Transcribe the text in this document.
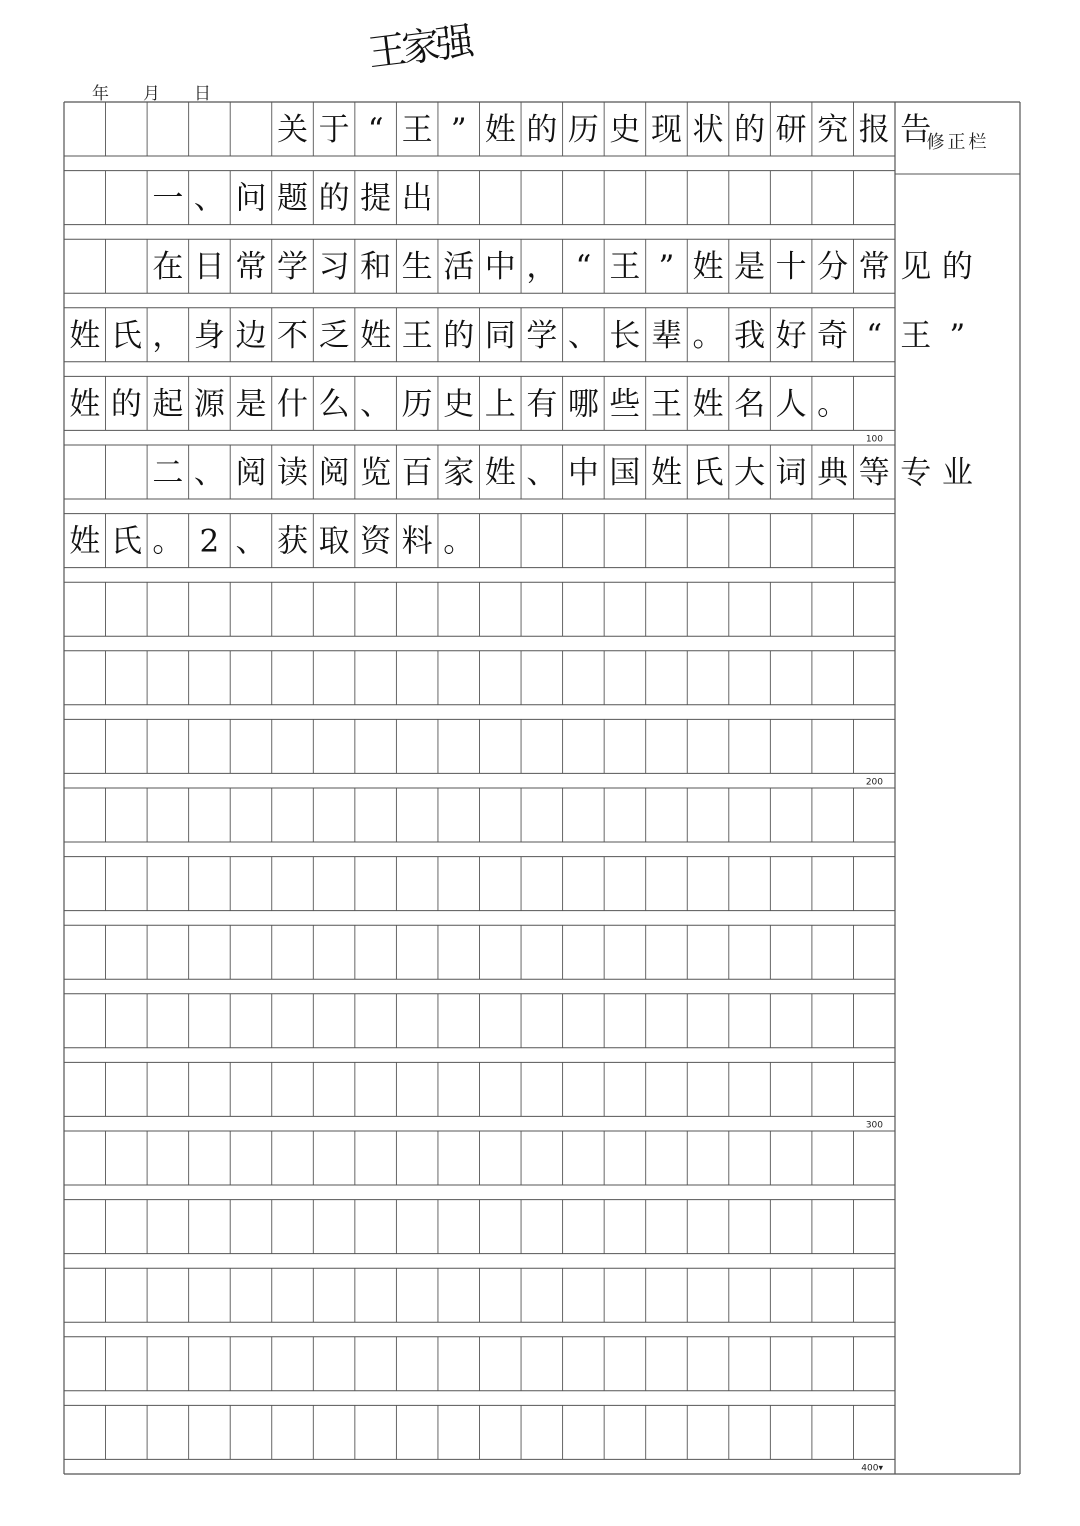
年 月 日
王家强
修正栏
100
200
300
400▾
关 于 “ 王 ” 姓 的 历 史 现 状 的 研 究 报 告
一 、 问 题 的 提 出
在 日 常 学 习 和 生 活 中 ， “ 王 ” 姓 是 十 分 常 见 的
姓 氏 ， 身 边 不 乏 姓 王 的 同 学 、 长 辈 。 我 好 奇 “ 王 ”
姓 的 起 源 是 什 么 、 历 史 上 有 哪 些 王 姓 名 人 。
二 、 阅 读 阅 览 百 家 姓 、 中 国 姓 氏 大 词 典 等 专 业
姓 氏 。 2 、 获 取 资 料 。
